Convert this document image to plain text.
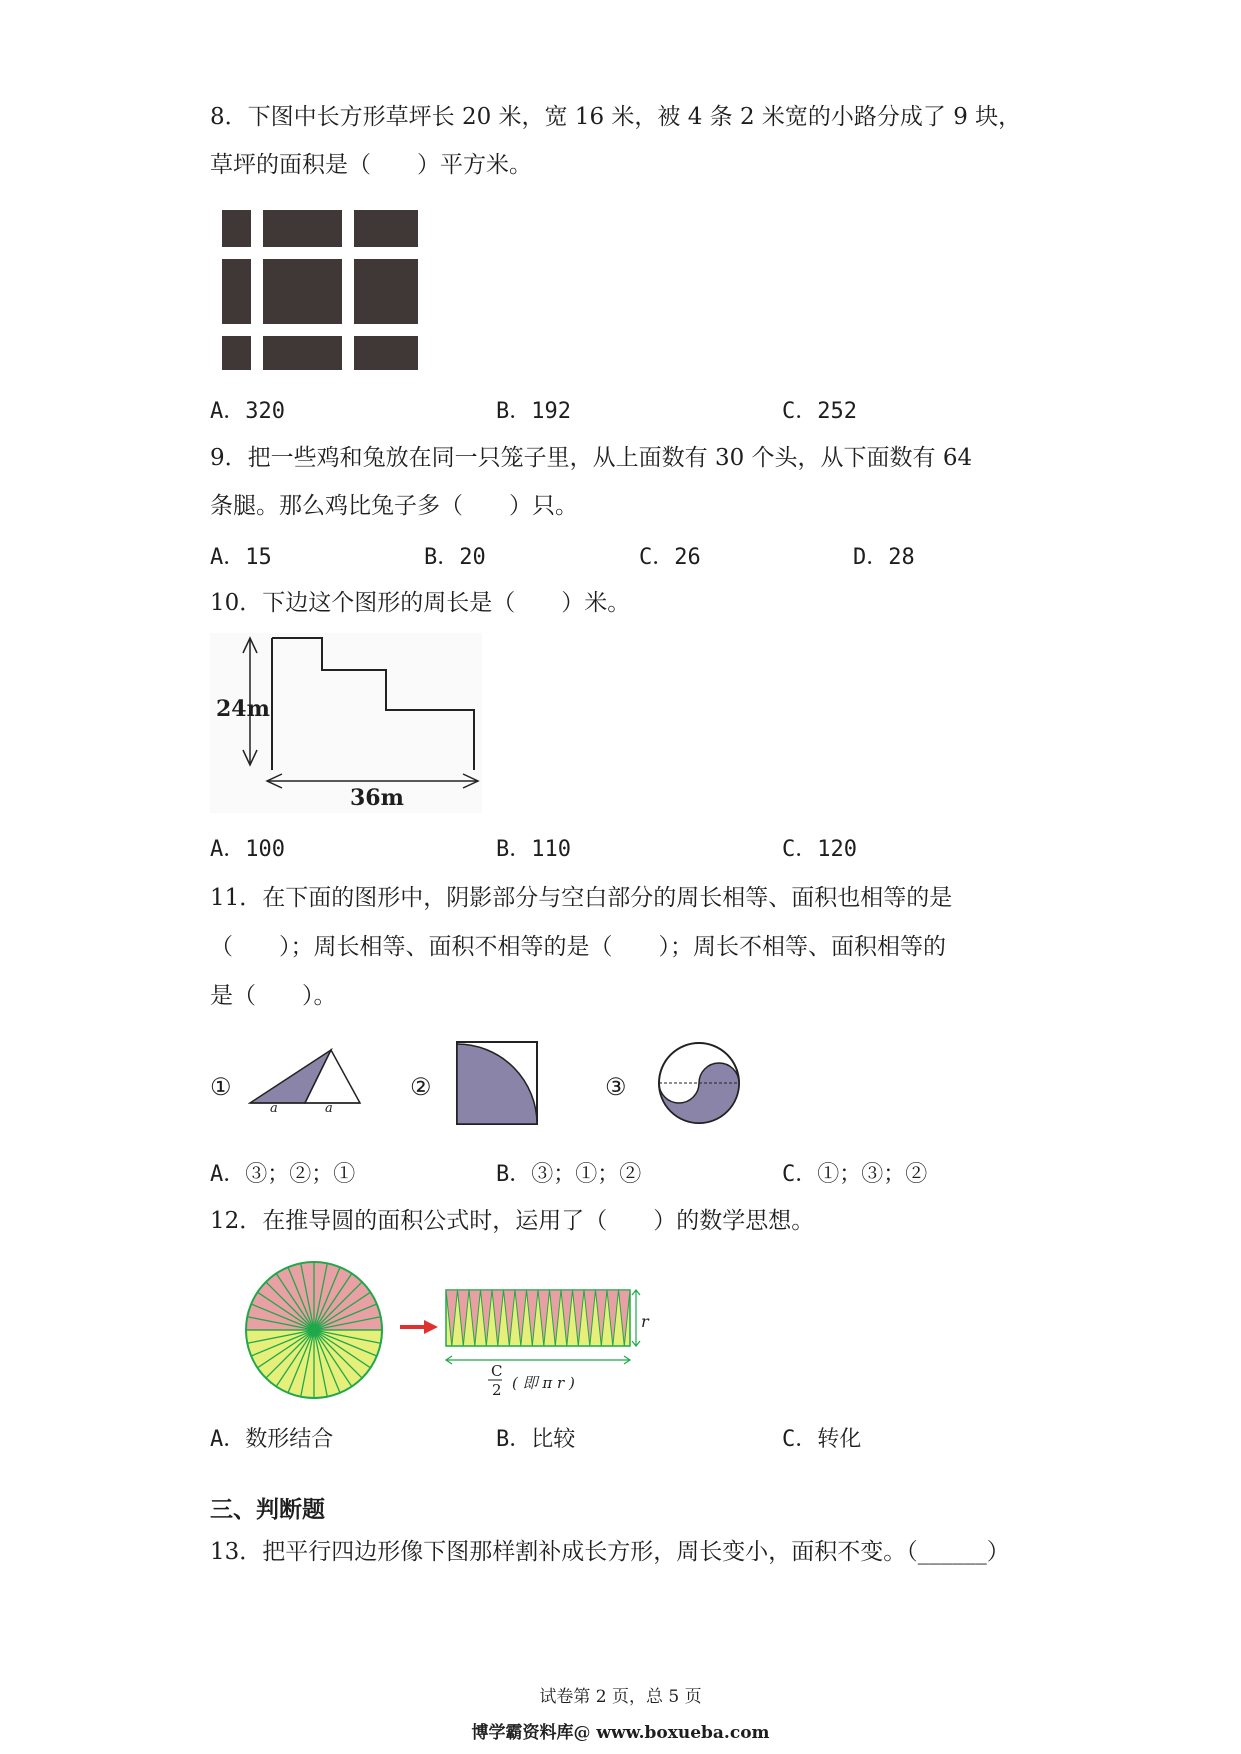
8．下图中长方形草坪长 20 米，宽 16 米，被 4 条 2 米宽的小路分成了 9 块，
草坪的面积是（　　）平方米。
A．320	B．192	C．252
9．把一些鸡和兔放在同一只笼子里，从上面数有 30 个头，从下面数有 64
条腿。那么鸡比兔子多（　　）只。
A．15	B．20	C．26	D．28
10．下边这个图形的周长是（　　）米。
24m
36m
A．100	B．110	C．120
11．在下面的图形中，阴影部分与空白部分的周长相等、面积也相等的是
（　　）；周长相等、面积不相等的是（　　）；周长不相等、面积相等的
是（　　）。
①
a	a
②	③
A．③；②；①	B．③；①；②	C．①；③；②
12．在推导圆的面积公式时，运用了（　　）的数学思想。
r
C
2 ( 即 π r )
A．数形结合	B．比较	C．转化
三、判断题
13．把平行四边形像下图那样割补成长方形，周长变小，面积不变。（______）
试卷第 2 页，总 5 页
博学霸资料库@ www.boxueba.com
